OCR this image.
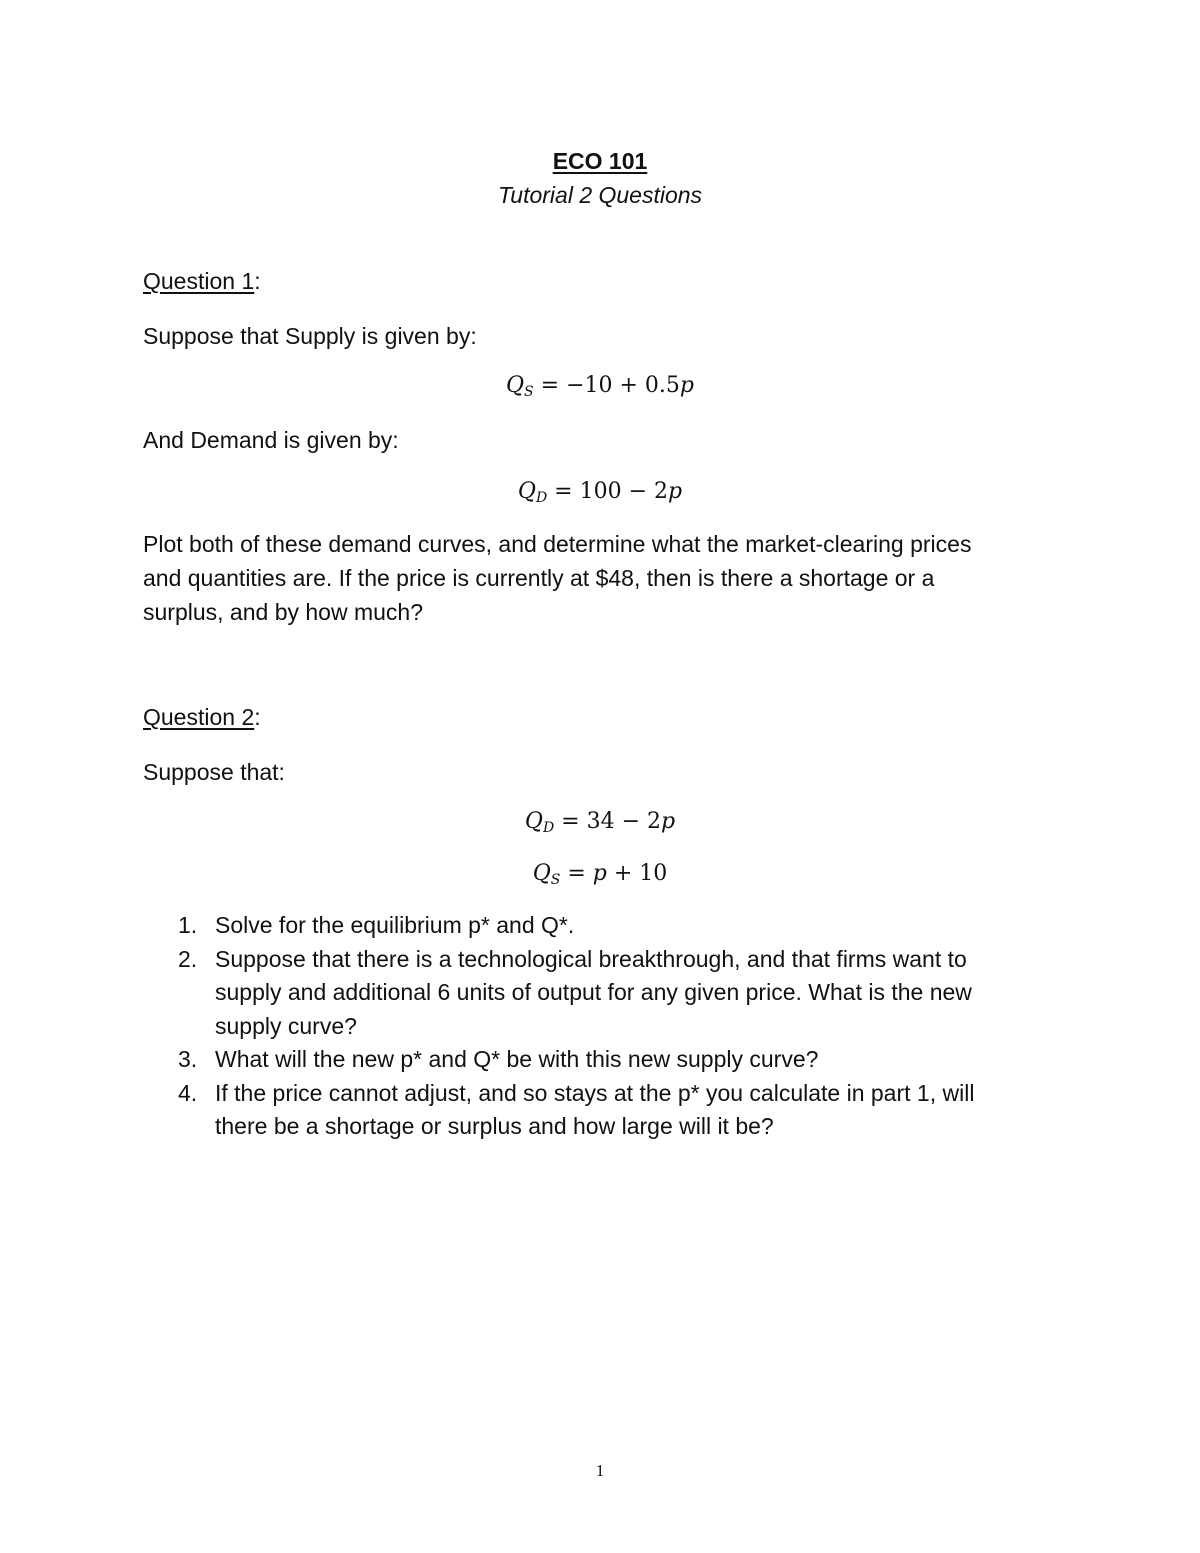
ECO 101
Tutorial 2 Questions
Question 1:
Suppose that Supply is given by:
$Q_S = -10 + 0.5p$
And Demand is given by:
$Q_D = 100 - 2p$
Plot both of these demand curves, and determine what the market-clearing prices
and quantities are. If the price is currently at $48, then is there a shortage or a
surplus, and by how much?
Question 2:
Suppose that:
$Q_D = 34 - 2p$
$Q_S = p + 10$
1. Solve for the equilibrium p* and Q*.
2. Suppose that there is a technological breakthrough, and that firms want to
supply and additional 6 units of output for any given price. What is the new
supply curve?
3. What will the new p* and Q* be with this new supply curve?
4. If the price cannot adjust, and so stays at the p* you calculate in part 1, will
there be a shortage or surplus and how large will it be?
1
